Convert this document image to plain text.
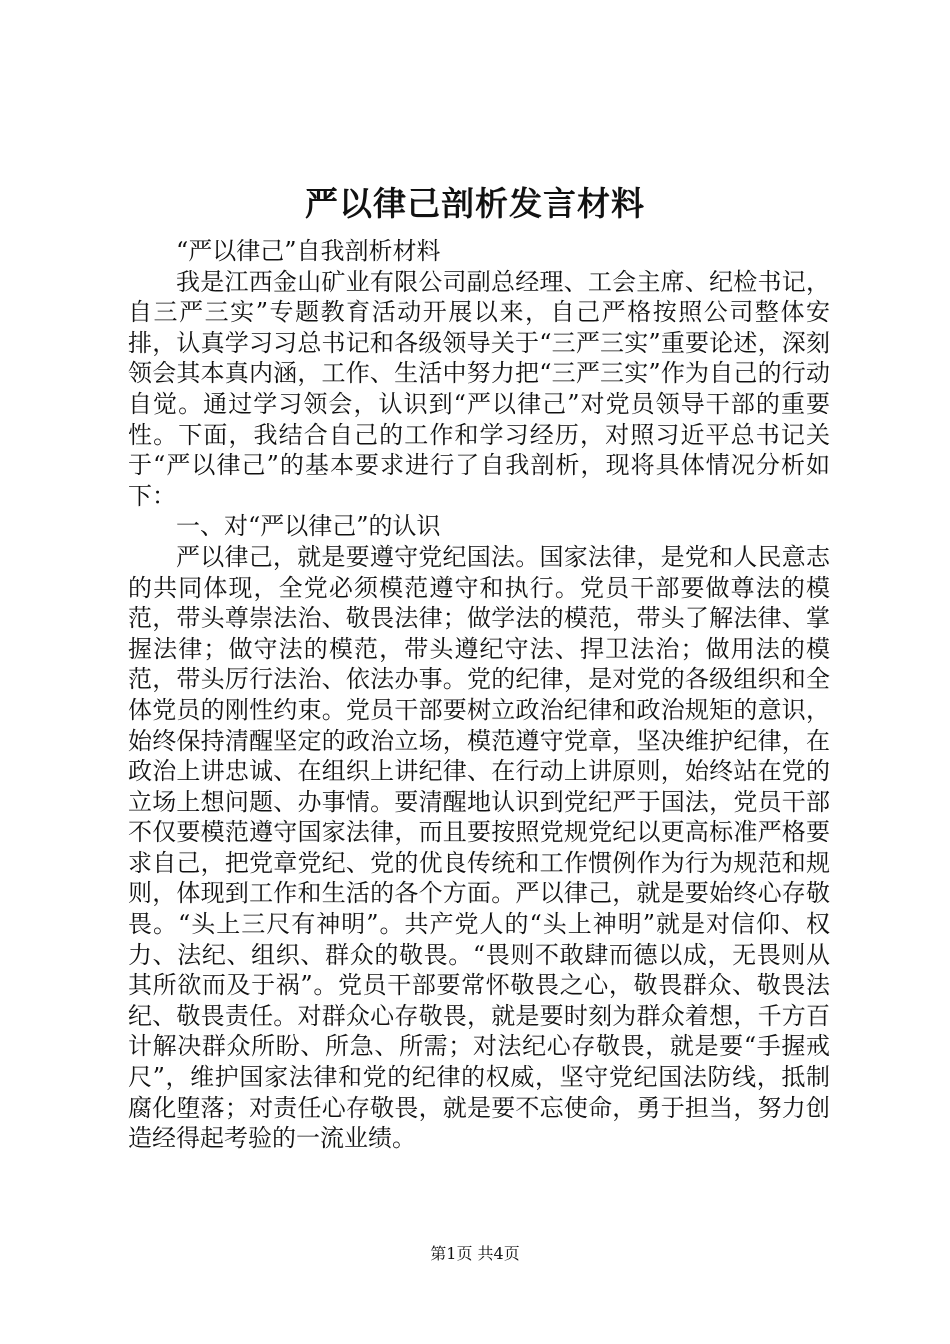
严以律己剖析发言材料

“严以律己”自我剖析材料

我是江西金山矿业有限公司副总经理、工会主席、纪检书记，自三严三实”专题教育活动开展以来，自己严格按照公司整体安排，认真学习习总书记和各级领导关于“三严三实”重要论述，深刻领会其本真内涵，工作、生活中努力把“三严三实”作为自己的行动自觉。通过学习领会，认识到“严以律己”对党员领导干部的重要性。下面，我结合自己的工作和学习经历，对照习近平总书记关于“严以律己”的基本要求进行了自我剖析，现将具体情况分析如下：

一、对“严以律己”的认识

严以律己，就是要遵守党纪国法。国家法律，是党和人民意志的共同体现，全党必须模范遵守和执行。党员干部要做尊法的模范，带头尊崇法治、敬畏法律；做学法的模范，带头了解法律、掌握法律；做守法的模范，带头遵纪守法、捍卫法治；做用法的模范，带头厉行法治、依法办事。党的纪律，是对党的各级组织和全体党员的刚性约束。党员干部要树立政治纪律和政治规矩的意识，始终保持清醒坚定的政治立场，模范遵守党章，坚决维护纪律，在政治上讲忠诚、在组织上讲纪律、在行动上讲原则，始终站在党的立场上想问题、办事情。要清醒地认识到党纪严于国法，党员干部不仅要模范遵守国家法律，而且要按照党规党纪以更高标准严格要求自己，把党章党纪、党的优良传统和工作惯例作为行为规范和规则，体现到工作和生活的各个方面。严以律己，就是要始终心存敬畏。“头上三尺有神明”。共产党人的“头上神明”就是对信仰、权力、法纪、组织、群众的敬畏。“畏则不敢肆而德以成，无畏则从其所欲而及于祸”。党员干部要常怀敬畏之心，敬畏群众、敬畏法纪、敬畏责任。对群众心存敬畏，就是要时刻为群众着想，千方百计解决群众所盼、所急、所需；对法纪心存敬畏，就是要“手握戒尺”，维护国家法律和党的纪律的权威，坚守党纪国法防线，抵制腐化堕落；对责任心存敬畏，就是要不忘使命，勇于担当，努力创造经得起考验的一流业绩。

第1页 共4页
